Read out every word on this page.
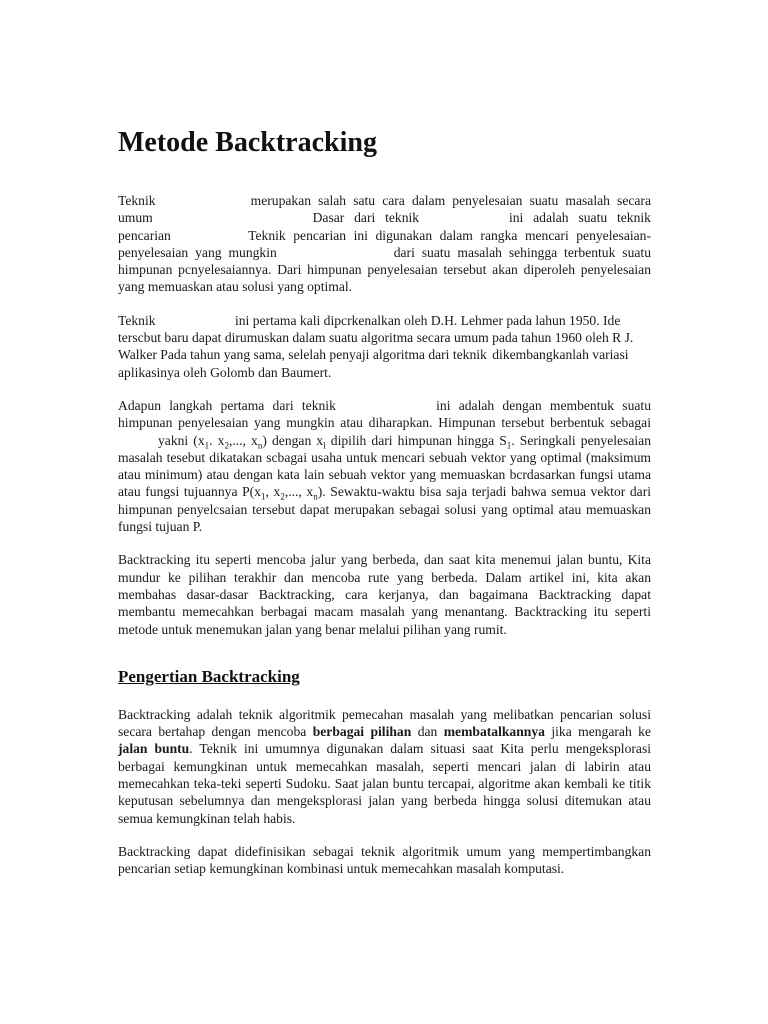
Metode Backtracking

Teknik	merupakan salah satu cara dalam penyelesaian suatu masalah secara umum	Dasar dari teknik	ini adalah suatu teknik pencarian	Teknik pencarian ini digunakan dalam rangka mencari penyelesaian-penyelesaian yang mungkin	dari suatu masalah sehingga terbentuk suatu himpunan pcnyelesaiannya. Dari himpunan penyelesaian tersebut akan diperoleh penyelesaian yang memuaskan atau solusi yang optimal.

Teknik	ini pertama kali dipcrkenalkan oleh D.H. Lehmer pada lahun 1950. Ide terscbut baru dapat dirumuskan dalam suatu algoritma secara umum pada tahun 1960 oleh R J. Walker Pada tahun yang sama, selelah penyaji algoritma dari teknik dikembangkanlah variasi aplikasinya oleh Golomb dan Baumert.

Adapun langkah pertama dari teknik	ini adalah dengan membentuk suatu himpunan penyelesaian yang mungkin atau diharapkan. Himpunan tersebut berbentuk sebagaiyakni ($x_1$. $x_2$,..., $x_n$) dengan $x_l$ dipilih dari himpunan hingga $S_1$. Seringkali penyelesaian masalah tesebut dikatakan scbagai usaha untuk mencari sebuah vektor yang optimal (maksimum atau minimum) atau dengan kata lain sebuah vektor yang memuaskan bcrdasarkan fungsi utama atau fungsi tujuannya $P(x_1$, $x_2$,..., $x_n$). Sewaktu-waktu bisa saja terjadi bahwa semua vektor dari himpunan penyelcsaian tersebut dapat merupakan sebagai solusi yang optimal atau memuaskan fungsi tujuan P.

Backtracking itu seperti mencoba jalur yang berbeda, dan saat kita menemui jalan buntu, Kita mundur ke pilihan terakhir dan mencoba rute yang berbeda. Dalam artikel ini, kita akan membahas dasar-dasar Backtracking, cara kerjanya, dan bagaimana Backtracking dapat membantu memecahkan berbagai macam masalah yang menantang. Backtracking itu seperti metode untuk menemukan jalan yang benar melalui pilihan yang rumit.

Pengertian Backtracking

Backtracking adalah teknik algoritmik pemecahan masalah yang melibatkan pencarian solusi secara bertahap dengan mencoba berbagai pilihan dan membatalkannya jika mengarah ke jalan buntu. Teknik ini umumnya digunakan dalam situasi saat Kita perlu mengeksplorasi berbagai kemungkinan untuk memecahkan masalah, seperti mencari jalan di labirin atau memecahkan teka-teki seperti Sudoku. Saat jalan buntu tercapai, algoritme akan kembali ke titik keputusan sebelumnya dan mengeksplorasi jalan yang berbeda hingga solusi ditemukan atau semua kemungkinan telah habis.

Backtracking dapat didefinisikan sebagai teknik algoritmik umum yang mempertimbangkan pencarian setiap kemungkinan kombinasi untuk memecahkan masalah komputasi.
